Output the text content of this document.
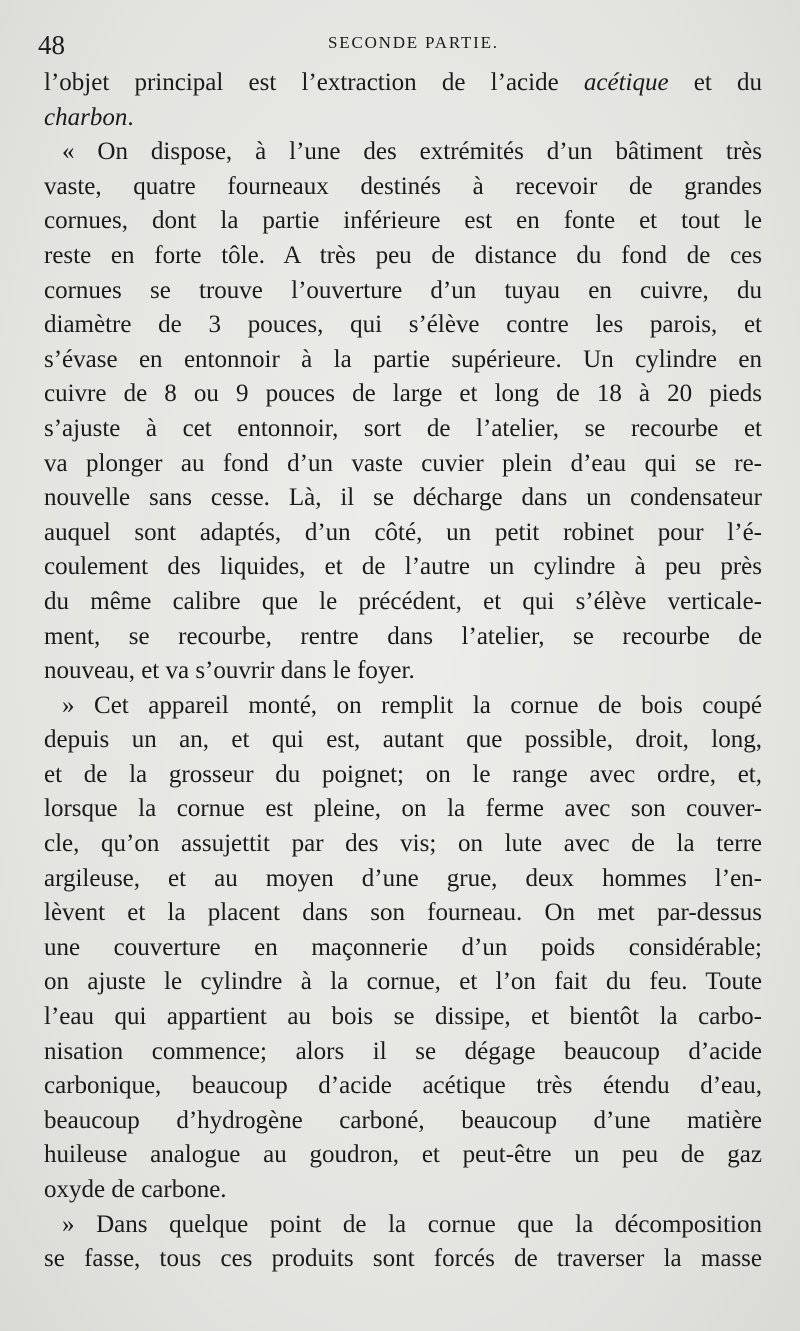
48	SECONDE PARTIE.
l’objet principal est l’extraction de l’acide acétique et du
charbon.
« On dispose, à l’une des extrémités d’un bâtiment très
vaste, quatre fourneaux destinés à recevoir de grandes
cornues, dont la partie inférieure est en fonte et tout le
reste en forte tôle. A très peu de distance du fond de ces
cornues se trouve l’ouverture d’un tuyau en cuivre, du
diamètre de 3 pouces, qui s’élève contre les parois, et
s’évase en entonnoir à la partie supérieure. Un cylindre en
cuivre de 8 ou 9 pouces de large et long de 18 à 20 pieds
s’ajuste à cet entonnoir, sort de l’atelier, se recourbe et
va plonger au fond d’un vaste cuvier plein d’eau qui se re-
nouvelle sans cesse. Là, il se décharge dans un condensateur
auquel sont adaptés, d’un côté, un petit robinet pour l’é-
coulement des liquides, et de l’autre un cylindre à peu près
du même calibre que le précédent, et qui s’élève verticale-
ment, se recourbe, rentre dans l’atelier, se recourbe de
nouveau, et va s’ouvrir dans le foyer.
» Cet appareil monté, on remplit la cornue de bois coupé
depuis un an, et qui est, autant que possible, droit, long,
et de la grosseur du poignet; on le range avec ordre, et,
lorsque la cornue est pleine, on la ferme avec son couver-
cle, qu’on assujettit par des vis; on lute avec de la terre
argileuse, et au moyen d’une grue, deux hommes l’en-
lèvent et la placent dans son fourneau. On met par-dessus
une couverture en maçonnerie d’un poids considérable;
on ajuste le cylindre à la cornue, et l’on fait du feu. Toute
l’eau qui appartient au bois se dissipe, et bientôt la carbo-
nisation commence; alors il se dégage beaucoup d’acide
carbonique, beaucoup d’acide acétique très étendu d’eau,
beaucoup d’hydrogène carboné, beaucoup d’une matière
huileuse analogue au goudron, et peut-être un peu de gaz
oxyde de carbone.
» Dans quelque point de la cornue que la décomposition
se fasse, tous ces produits sont forcés de traverser la masse
